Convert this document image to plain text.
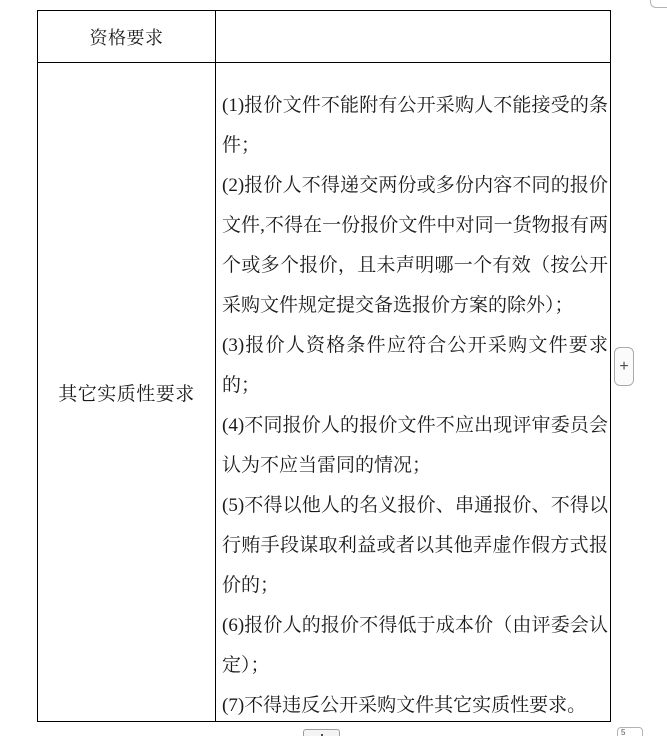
资格要求
其它实质性要求

(1)报价文件不能附有公开采购人不能接受的条件；

(2)报价人不得递交两份或多份内容不同的报价文件,不得在一份报价文件中对同一货物报有两个或多个报价，且未声明哪一个有效（按公开采购文件规定提交备选报价方案的除外）；

(3)报价人资格条件应符合公开采购文件要求的；

(4)不同报价人的报价文件不应出现评审委员会认为不应当雷同的情况；

(5)不得以他人的名义报价、串通报价、不得以行贿手段谋取利益或者以其他弄虚作假方式报价的；

(6)报价人的报价不得低于成本价（由评委会认定）；

(7)不得违反公开采购文件其它实质性要求。

+
5
